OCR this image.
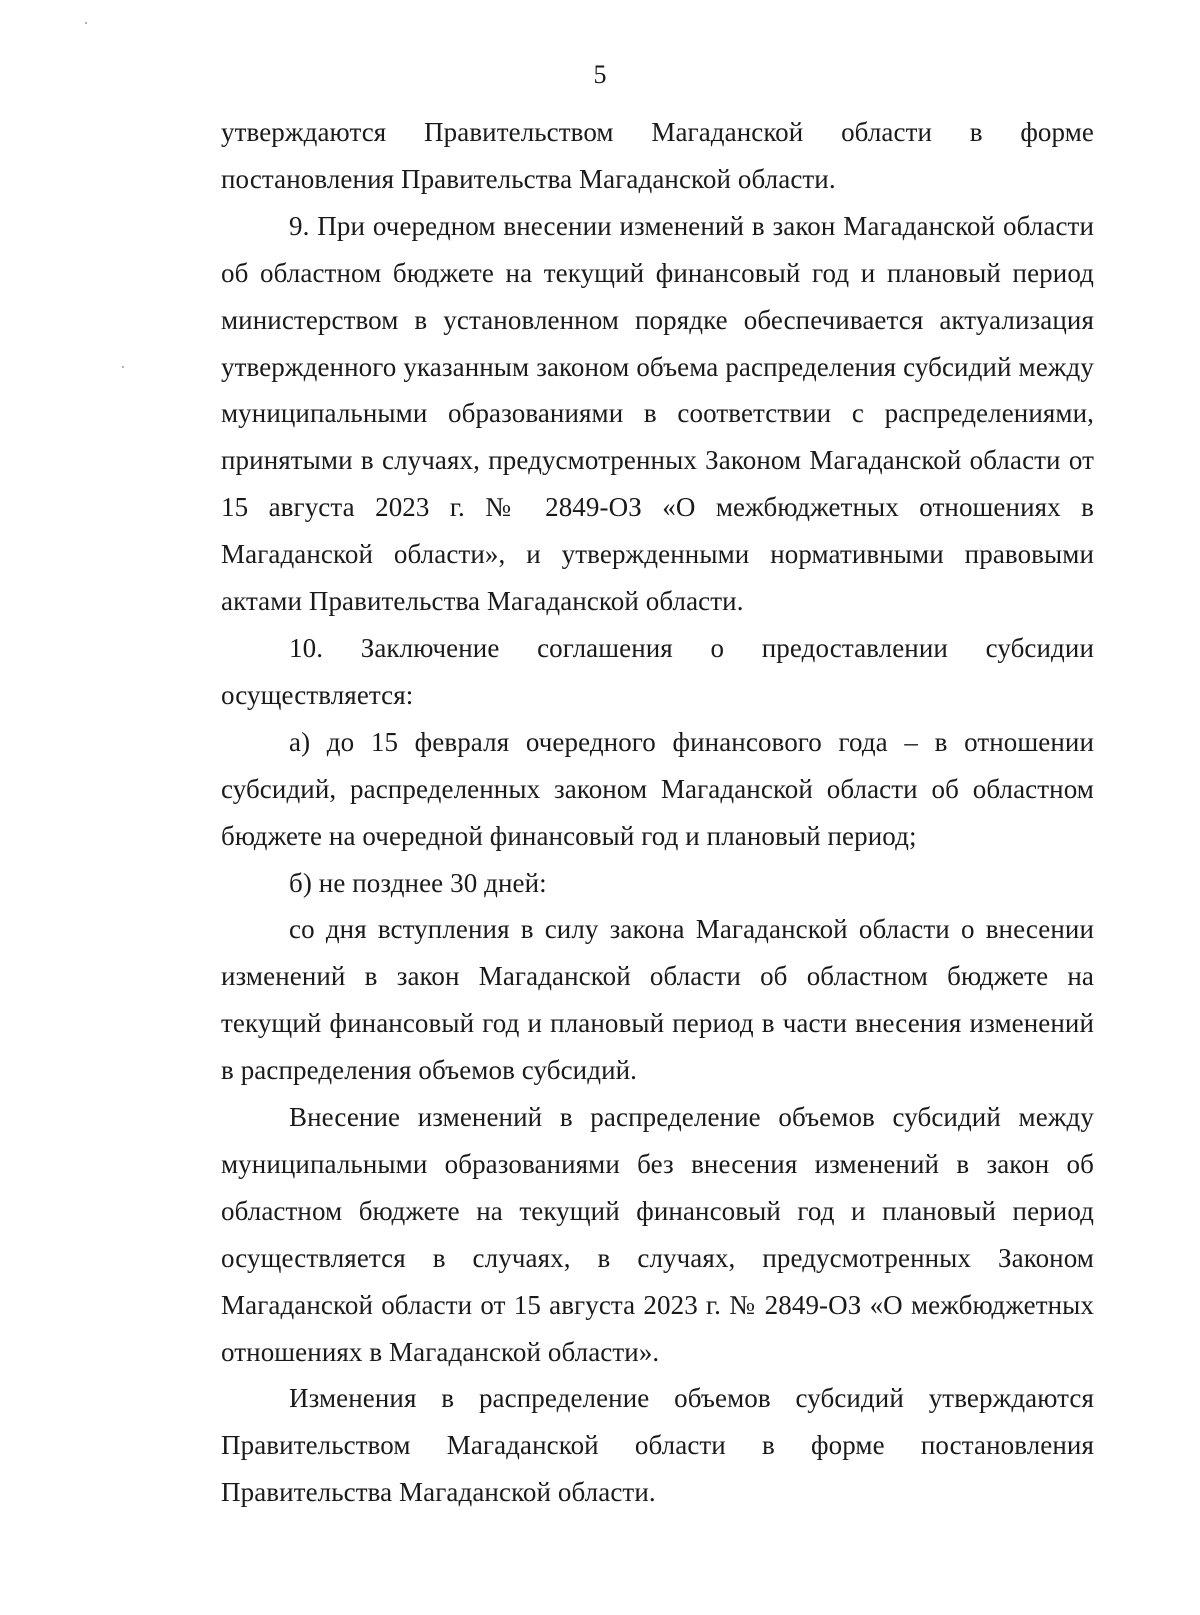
5

утверждаются Правительством Магаданской области в форме постановления Правительства Магаданской области.

9. При очередном внесении изменений в закон Магаданской области об областном бюджете на текущий финансовый год и плановый период министерством в установленном порядке обеспечивается актуализация утвержденного указанным законом объема распределения субсидий между муниципальными образованиями в соответствии с распределениями, принятыми в случаях, предусмотренных Законом Магаданской области от 15 августа 2023 г. № 2849-ОЗ «О межбюджетных отношениях в Магаданской области», и утвержденными нормативными правовыми актами Правительства Магаданской области.

10. Заключение соглашения о предоставлении субсидии осуществляется:

а) до 15 февраля очередного финансового года – в отношении субсидий, распределенных законом Магаданской области об областном бюджете на очередной финансовый год и плановый период;

б) не позднее 30 дней:

со дня вступления в силу закона Магаданской области о внесении изменений в закон Магаданской области об областном бюджете на текущий финансовый год и плановый период в части внесения изменений в распределения объемов субсидий.

Внесение изменений в распределение объемов субсидий между муниципальными образованиями без внесения изменений в закон об областном бюджете на текущий финансовый год и плановый период осуществляется в случаях, в случаях, предусмотренных Законом Магаданской области от 15 августа 2023 г. № 2849-ОЗ «О межбюджетных отношениях в Магаданской области».

Изменения в распределение объемов субсидий утверждаются Правительством Магаданской области в форме постановления Правительства Магаданской области.
